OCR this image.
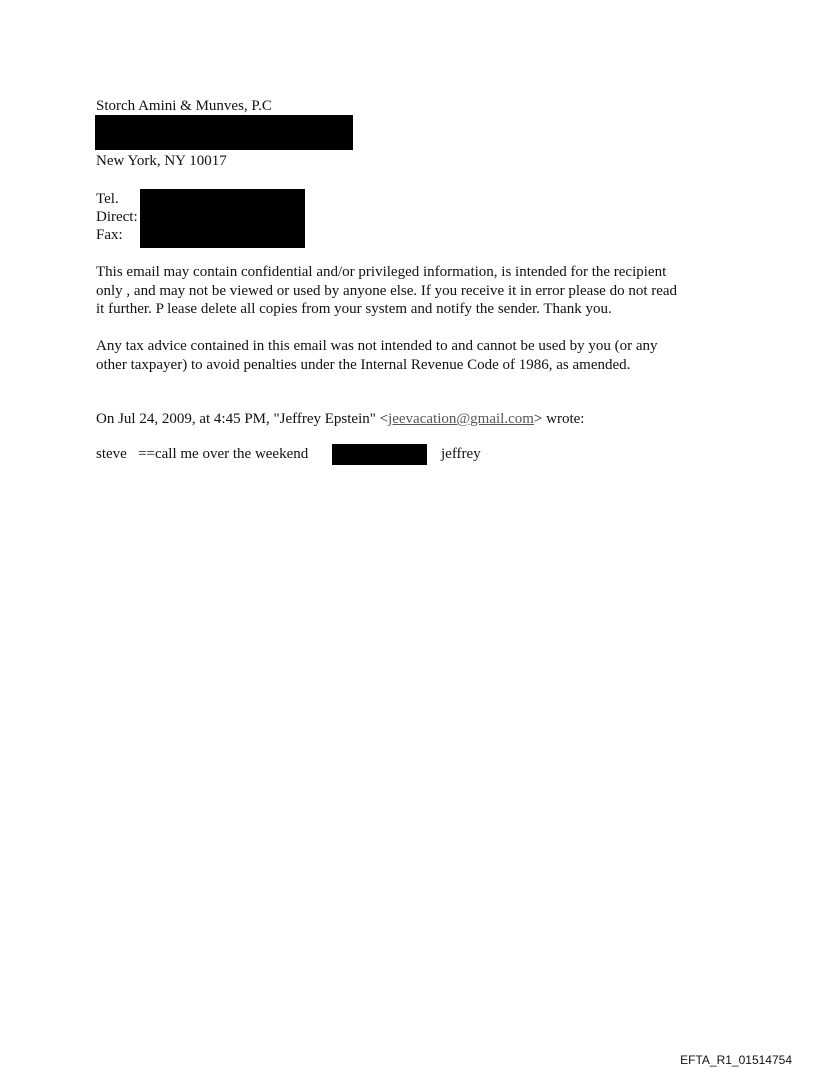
Storch Amini & Munves, P.C
New York, NY 10017
Tel.
Direct:
Fax:
This email may contain confidential and/or privileged information, is intended for the recipient
only , and may not be viewed or used by anyone else. If you receive it in error please do not read
it further. P lease delete all copies from your system and notify the sender. Thank you.
Any tax advice contained in this email was not intended to and cannot be used by you (or any
other taxpayer) to avoid penalties under the Internal Revenue Code of 1986, as amended.
On Jul 24, 2009, at 4:45 PM, "Jeffrey Epstein" <jeevacation@gmail.com> wrote:
steve   ==call me over the weekend	jeffrey
EFTA_R1_01514754
